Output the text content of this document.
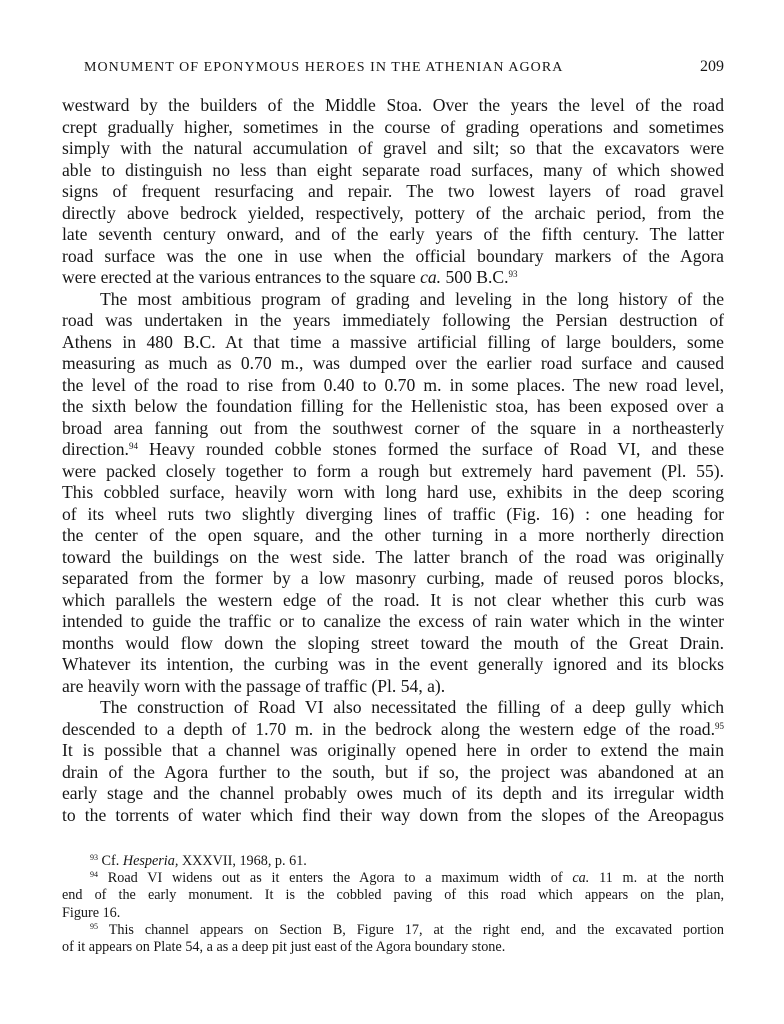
MONUMENT OF EPONYMOUS HEROES IN THE ATHENIAN AGORA	209
westward by the builders of the Middle Stoa. Over the years the level of the road
crept gradually higher, sometimes in the course of grading operations and sometimes
simply with the natural accumulation of gravel and silt; so that the excavators were
able to distinguish no less than eight separate road surfaces, many of which showed
signs of frequent resurfacing and repair. The two lowest layers of road gravel
directly above bedrock yielded, respectively, pottery of the archaic period, from the
late seventh century onward, and of the early years of the fifth century. The latter
road surface was the one in use when the official boundary markers of the Agora
were erected at the various entrances to the square ca. 500 B.C.$^{93}$
The most ambitious program of grading and leveling in the long history of the
road was undertaken in the years immediately following the Persian destruction of
Athens in 480 B.C. At that time a massive artificial filling of large boulders, some
measuring as much as 0.70 m., was dumped over the earlier road surface and caused
the level of the road to rise from 0.40 to 0.70 m. in some places. The new road level,
the sixth below the foundation filling for the Hellenistic stoa, has been exposed over a
broad area fanning out from the southwest corner of the square in a northeasterly
direction.$^{94}$ Heavy rounded cobble stones formed the surface of Road VI, and these
were packed closely together to form a rough but extremely hard pavement (Pl. 55).
This cobbled surface, heavily worn with long hard use, exhibits in the deep scoring
of its wheel ruts two slightly diverging lines of traffic (Fig. 16) : one heading for
the center of the open square, and the other turning in a more northerly direction
toward the buildings on the west side. The latter branch of the road was originally
separated from the former by a low masonry curbing, made of reused poros blocks,
which parallels the western edge of the road. It is not clear whether this curb was
intended to guide the traffic or to canalize the excess of rain water which in the winter
months would flow down the sloping street toward the mouth of the Great Drain.
Whatever its intention, the curbing was in the event generally ignored and its blocks
are heavily worn with the passage of traffic (Pl. 54, a).
The construction of Road VI also necessitated the filling of a deep gully which
descended to a depth of 1.70 m. in the bedrock along the western edge of the road.$^{95}$
It is possible that a channel was originally opened here in order to extend the main
drain of the Agora further to the south, but if so, the project was abandoned at an
early stage and the channel probably owes much of its depth and its irregular width
to the torrents of water which find their way down from the slopes of the Areopagus
$^{93}$ Cf. Hesperia, XXXVII, 1968, p. 61.
$^{94}$ Road VI widens out as it enters the Agora to a maximum width of ca. 11 m. at the north
end of the early monument. It is the cobbled paving of this road which appears on the plan,
Figure 16.
$^{95}$ This channel appears on Section B, Figure 17, at the right end, and the excavated portion
of it appears on Plate 54, a as a deep pit just east of the Agora boundary stone.
